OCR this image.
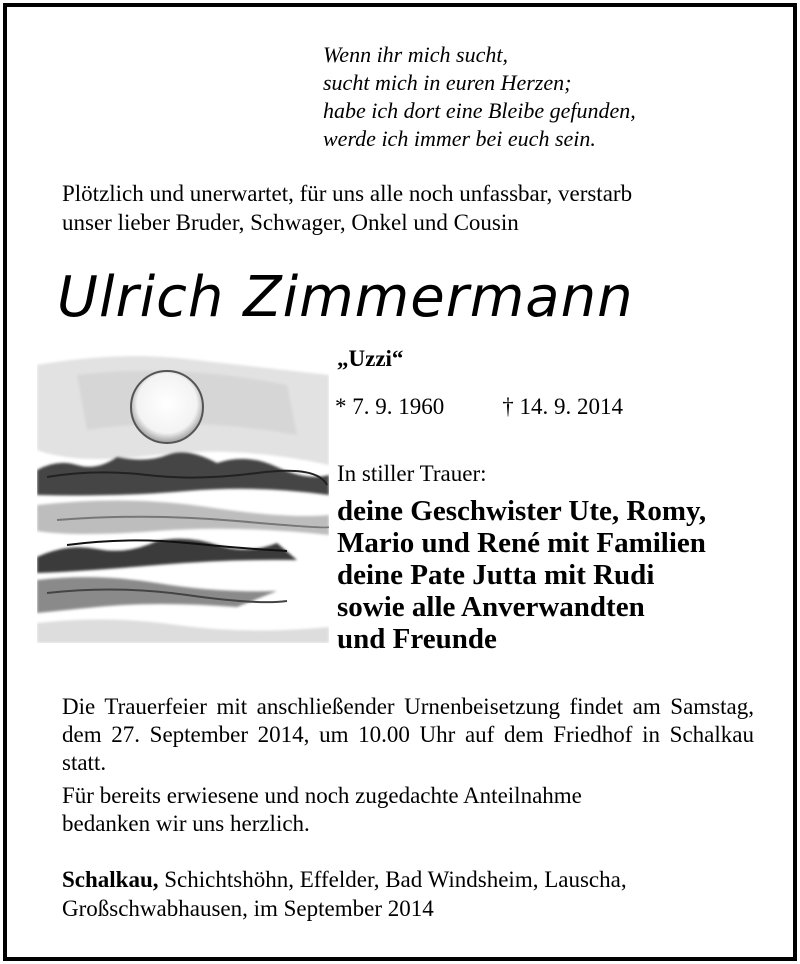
Wenn ihr mich sucht,
sucht mich in euren Herzen;
habe ich dort eine Bleibe gefunden,
werde ich immer bei euch sein.
Plötzlich und unerwartet, für uns alle noch unfassbar, verstarb
unser lieber Bruder, Schwager, Onkel und Cousin
Ulrich Zimmermann
„Uzzi“
* 7. 9. 1960	† 14. 9. 2014
In stiller Trauer:
deine Geschwister Ute, Romy,
Mario und René mit Familien
deine Pate Jutta mit Rudi
sowie alle Anverwandten
und Freunde
Die Trauerfeier mit anschließender Urnenbeisetzung findet am Samstag, dem 27. September 2014, um 10.00 Uhr auf dem Friedhof in Schalkau statt.
Für bereits erwiesene und noch zugedachte Anteilnahme
bedanken wir uns herzlich.
Schalkau, Schichtshöhn, Effelder, Bad Windsheim, Lauscha,
Großschwabhausen, im September 2014
